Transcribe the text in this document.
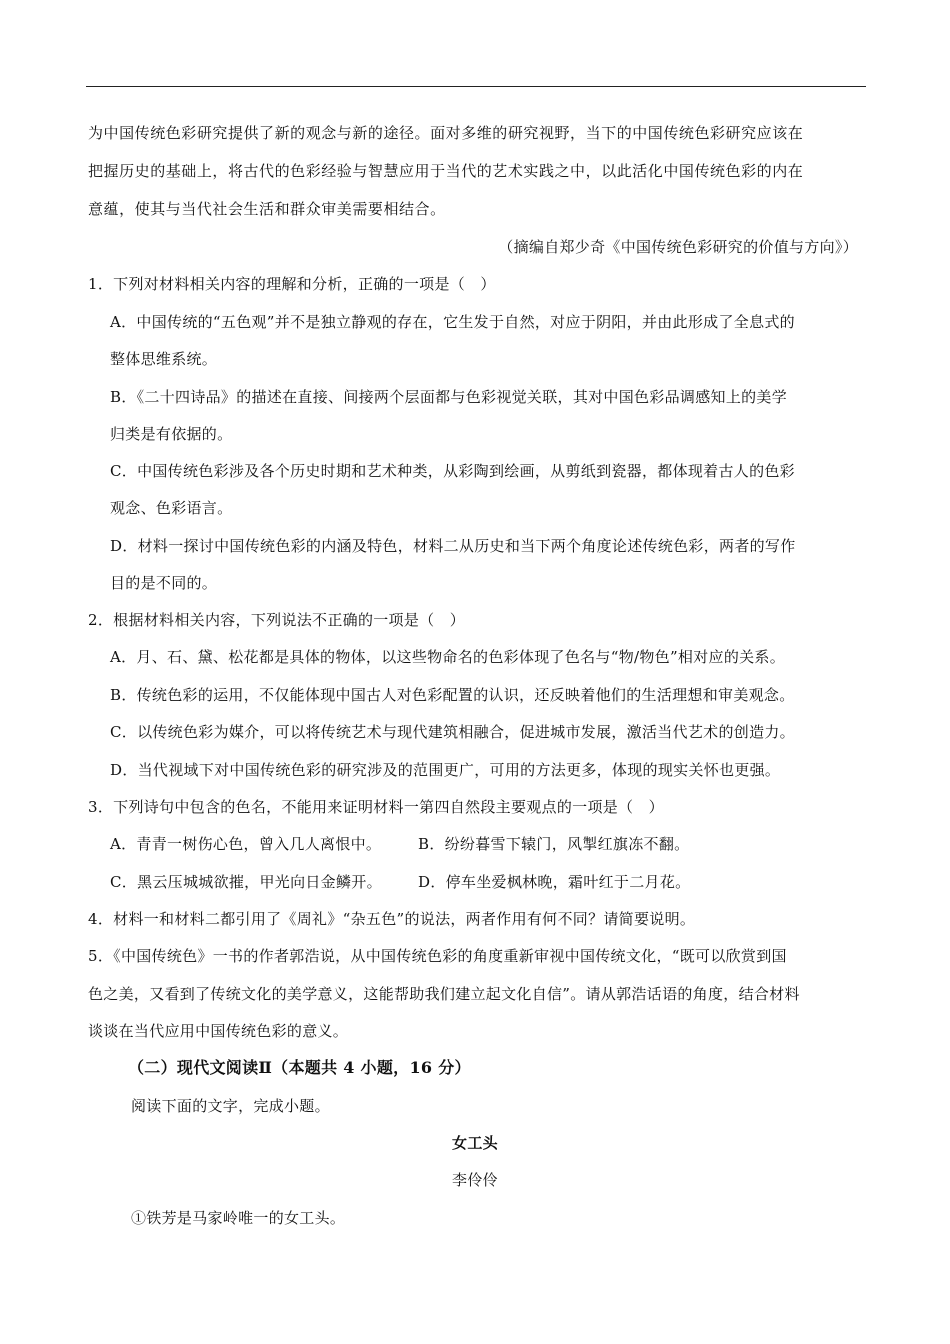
为中国传统色彩研究提供了新的观念与新的途径。面对多维的研究视野，当下的中国传统色彩研究应该在
把握历史的基础上，将古代的色彩经验与智慧应用于当代的艺术实践之中，以此活化中国传统色彩的内在
意蕴，使其与当代社会生活和群众审美需要相结合。
（摘编自郑少奇《中国传统色彩研究的价值与方向》）
1．下列对材料相关内容的理解和分析，正确的一项是（　）
A．中国传统的“五色观”并不是独立静观的存在，它生发于自然，对应于阴阳，并由此形成了全息式的
整体思维系统。
B．《二十四诗品》的描述在直接、间接两个层面都与色彩视觉关联，其对中国色彩品调感知上的美学
归类是有依据的。
C．中国传统色彩涉及各个历史时期和艺术种类，从彩陶到绘画，从剪纸到瓷器，都体现着古人的色彩
观念、色彩语言。
D．材料一探讨中国传统色彩的内涵及特色，材料二从历史和当下两个角度论述传统色彩，两者的写作
目的是不同的。
2．根据材料相关内容，下列说法不正确的一项是（　）
A．月、石、黛、松花都是具体的物体，以这些物命名的色彩体现了色名与“物/物色”相对应的关系。
B．传统色彩的运用，不仅能体现中国古人对色彩配置的认识，还反映着他们的生活理想和审美观念。
C．以传统色彩为媒介，可以将传统艺术与现代建筑相融合，促进城市发展，激活当代艺术的创造力。
D．当代视域下对中国传统色彩的研究涉及的范围更广，可用的方法更多，体现的现实关怀也更强。
3．下列诗句中包含的色名，不能用来证明材料一第四自然段主要观点的一项是（　）
A．青青一树伤心色，曾入几人离恨中。 B．纷纷暮雪下辕门，风掣红旗冻不翻。
C．黑云压城城欲摧，甲光向日金鳞开。 D．停车坐爱枫林晚，霜叶红于二月花。
4．材料一和材料二都引用了《周礼》“杂五色”的说法，两者作用有何不同？请简要说明。
5．《中国传统色》一书的作者郭浩说，从中国传统色彩的角度重新审视中国传统文化，“既可以欣赏到国
色之美，又看到了传统文化的美学意义，这能帮助我们建立起文化自信”。请从郭浩话语的角度，结合材料
谈谈在当代应用中国传统色彩的意义。
（二）现代文阅读Ⅱ（本题共 4 小题，16 分）
阅读下面的文字，完成小题。
女工头
李伶伶
①铁芳是马家岭唯一的女工头。
